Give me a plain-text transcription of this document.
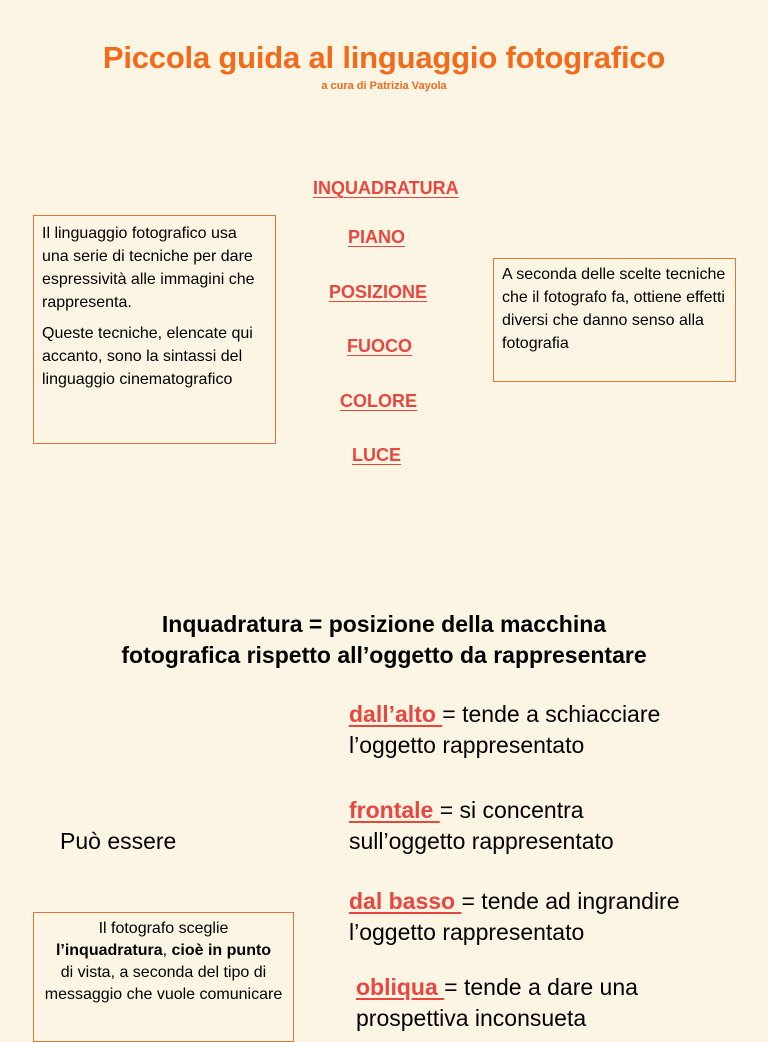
Piccola guida al linguaggio fotografico
a cura di Patrizia Vayola

Il linguaggio fotografico usa una serie di tecniche per dare espressività alle immagini che rappresenta.

Queste tecniche, elencate qui accanto, sono la sintassi del linguaggio cinematografico

INQUADRATURA
PIANO
POSIZIONE
FUOCO
COLORE
LUCE

A seconda delle scelte tecniche che il fotografo fa, ottiene effetti diversi che danno senso alla fotografia

Inquadratura = posizione della macchina
fotografica rispetto all’oggetto da rappresentare
dall’alto = tende a schiacciare
l’oggetto rappresentato
frontale = si concentra
sull’oggetto rappresentato
Può essere
dal basso = tende ad ingrandire
l’oggetto rappresentato
obliqua = tende a dare una
prospettiva inconsueta
Il fotografo sceglie
l’inquadratura, cioè in punto
di vista, a seconda del tipo di messaggio che vuole comunicare
